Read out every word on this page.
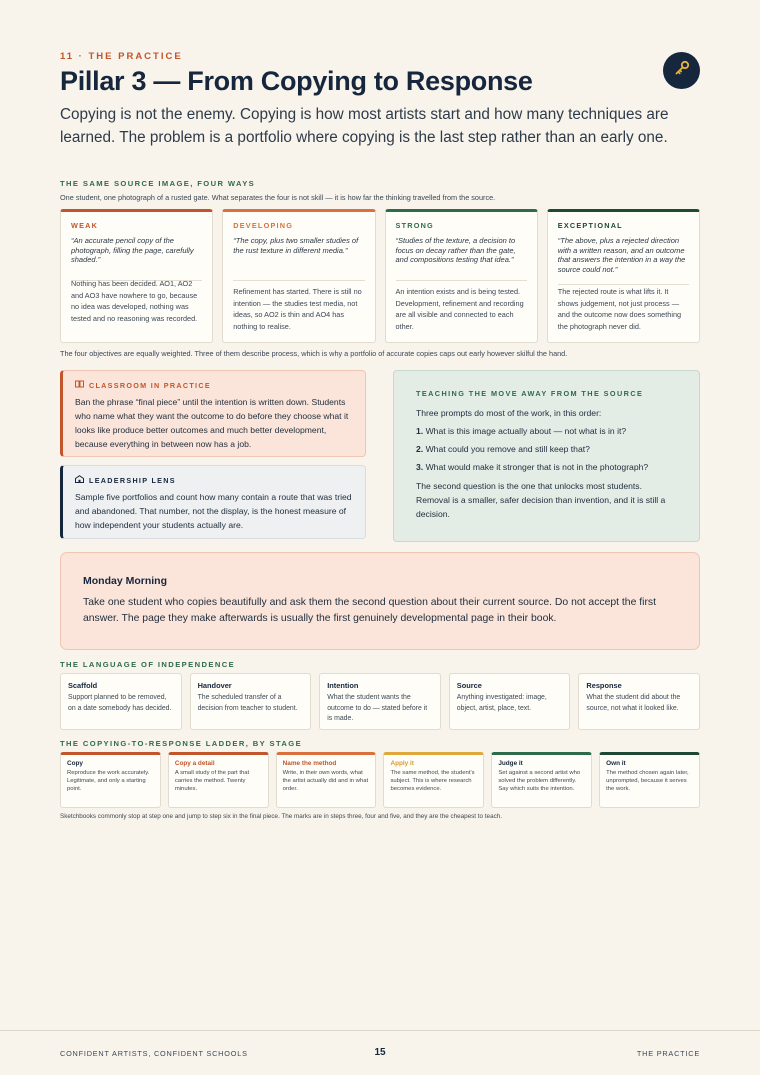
11 · THE PRACTICE
Pillar 3 — From Copying to Response

Copying is not the enemy. Copying is how most artists start and how many techniques are learned. The problem is a portfolio where copying is the last step rather than an early one.

THE SAME SOURCE IMAGE, FOUR WAYS
One student, one photograph of a rusted gate. What separates the four is not skill — it is how far the thinking travelled from the source.
WEAK
“An accurate pencil copy of the photograph, filling the page, carefully shaded.”
Nothing has been decided. AO1, AO2 and AO3 have nowhere to go, because no idea was developed, nothing was tested and no reasoning was recorded.
DEVELOPING
“The copy, plus two smaller studies of the rust texture in different media.”
Refinement has started. There is still no intention — the studies test media, not ideas, so AO2 is thin and AO4 has nothing to realise.
STRONG
“Studies of the texture, a decision to focus on decay rather than the gate, and compositions testing that idea.”
An intention exists and is being tested. Development, refinement and recording are all visible and connected to each other.
EXCEPTIONAL
“The above, plus a rejected direction with a written reason, and an outcome that answers the intention in a way the source could not.”
The rejected route is what lifts it. It shows judgement, not just process — and the outcome now does something the photograph never did.
The four objectives are equally weighted. Three of them describe process, which is why a portfolio of accurate copies caps out early however skilful the hand.
CLASSROOM IN PRACTICE
Ban the phrase “final piece” until the intention is written down. Students who name what they want the outcome to do before they choose what it looks like produce better outcomes and much better development, because everything in between now has a job.
LEADERSHIP LENS
Sample five portfolios and count how many contain a route that was tried and abandoned. That number, not the display, is the honest measure of how independent your students actually are.
TEACHING THE MOVE AWAY FROM THE SOURCE
Three prompts do most of the work, in this order:
1. What is this image actually about — not what is in it?
2. What could you remove and still keep that?
3. What would make it stronger that is not in the photograph?
The second question is the one that unlocks most students. Removal is a smaller, safer decision than invention, and it is still a decision.
Monday Morning
Take one student who copies beautifully and ask them the second question about their current source. Do not accept the first answer. The page they make afterwards is usually the first genuinely developmental page in their book.
THE LANGUAGE OF INDEPENDENCE
Scaffold
Support planned to be removed, on a date somebody has decided.
Handover
The scheduled transfer of a decision from teacher to student.
Intention
What the student wants the outcome to do — stated before it is made.
Source
Anything investigated: image, object, artist, place, text.
Response
What the student did about the source, not what it looked like.
THE COPYING-TO-RESPONSE LADDER, BY STAGE
Copy
Reproduce the work accurately. Legitimate, and only a starting point.
Copy a detail
A small study of the part that carries the method. Twenty minutes.
Name the method
Write, in their own words, what the artist actually did and in what order.
Apply it
The same method, the student’s subject. This is where research becomes evidence.
Judge it
Set against a second artist who solved the problem differently. Say which suits the intention.
Own it
The method chosen again later, unprompted, because it serves the work.
Sketchbooks commonly stop at step one and jump to step six in the final piece. The marks are in steps three, four and five, and they are the cheapest to teach.
CONFIDENT ARTISTS, CONFIDENT SCHOOLS	15	THE PRACTICE
